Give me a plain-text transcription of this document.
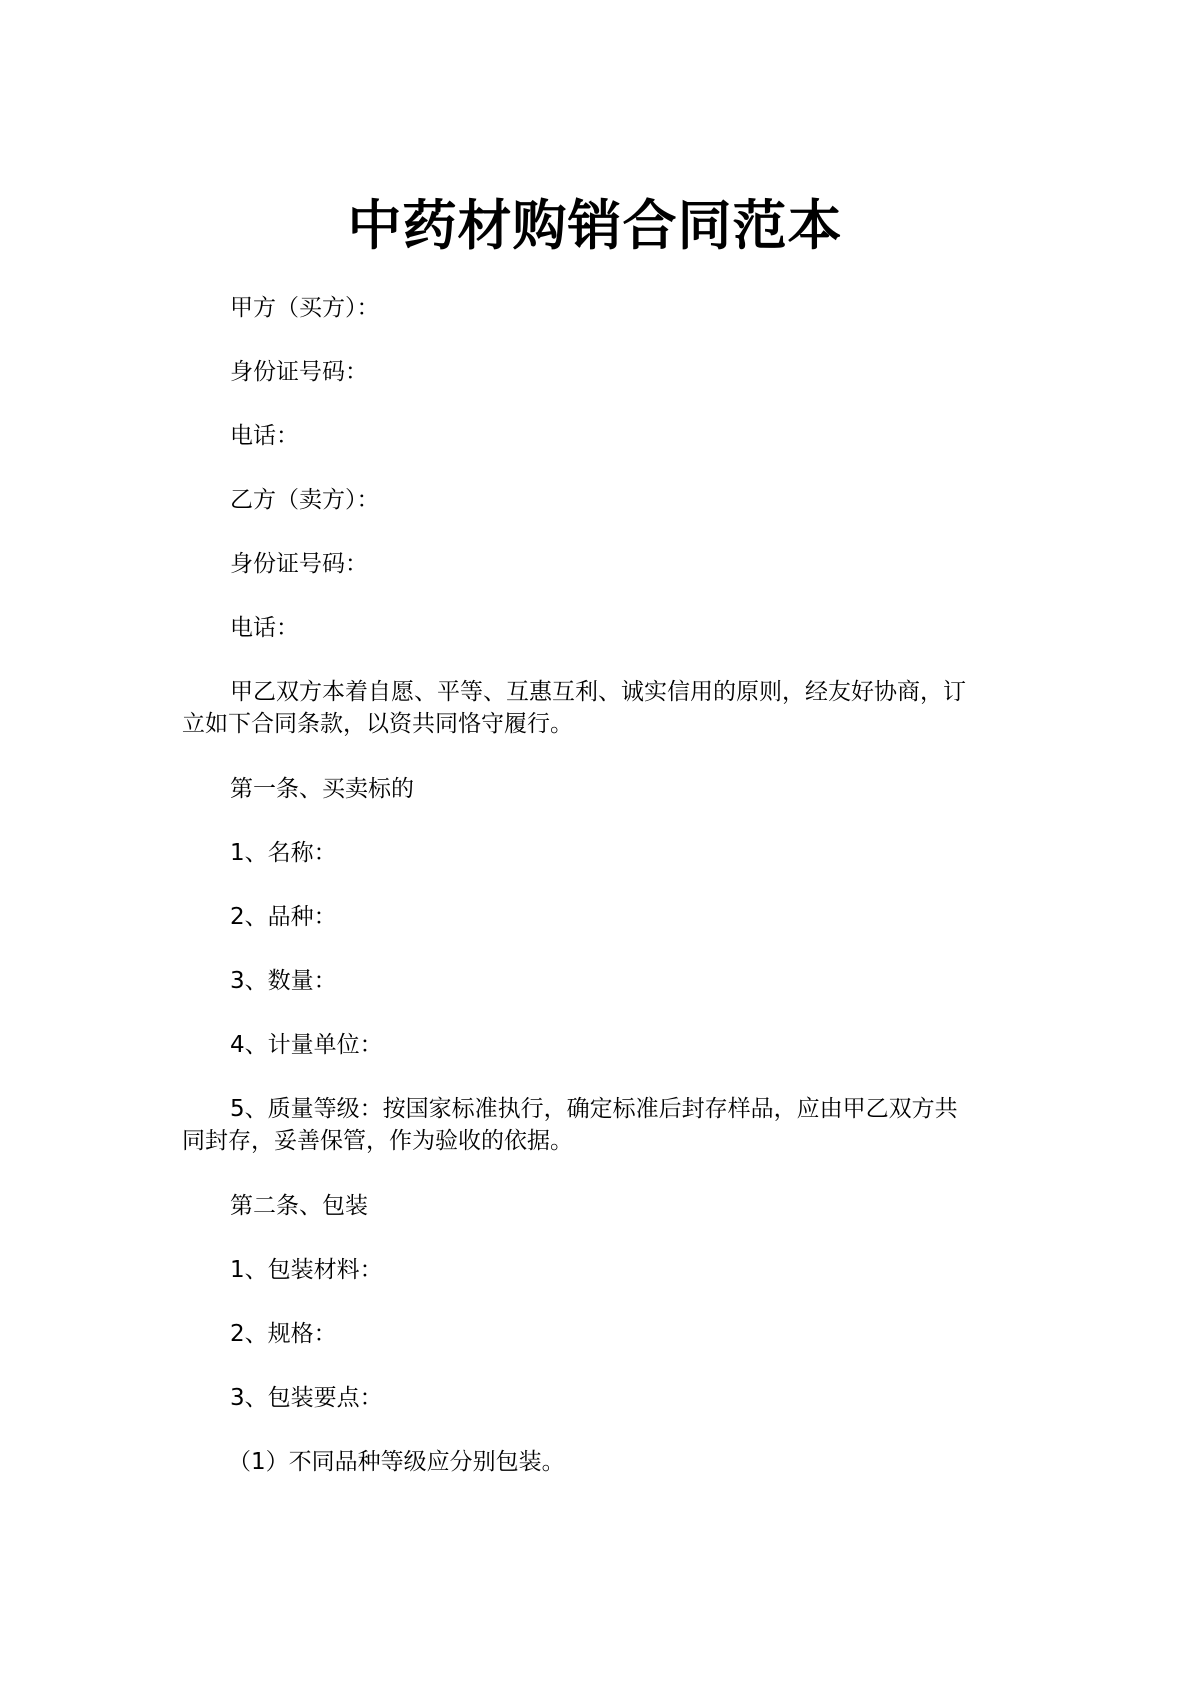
中药材购销合同范本
甲方（买方）：
身份证号码：
电话：
乙方（卖方）：
身份证号码：
电话：
甲乙双方本着自愿、平等、互惠互利、诚实信用的原则，经友好协商，订
立如下合同条款，以资共同恪守履行。
第一条、买卖标的
1、名称：
2、品种：
3、数量：
4、计量单位：
5、质量等级：按国家标准执行，确定标准后封存样品，应由甲乙双方共
同封存，妥善保管，作为验收的依据。
第二条、包装
1、包装材料：
2、规格：
3、包装要点：
（1）不同品种等级应分别包装。
